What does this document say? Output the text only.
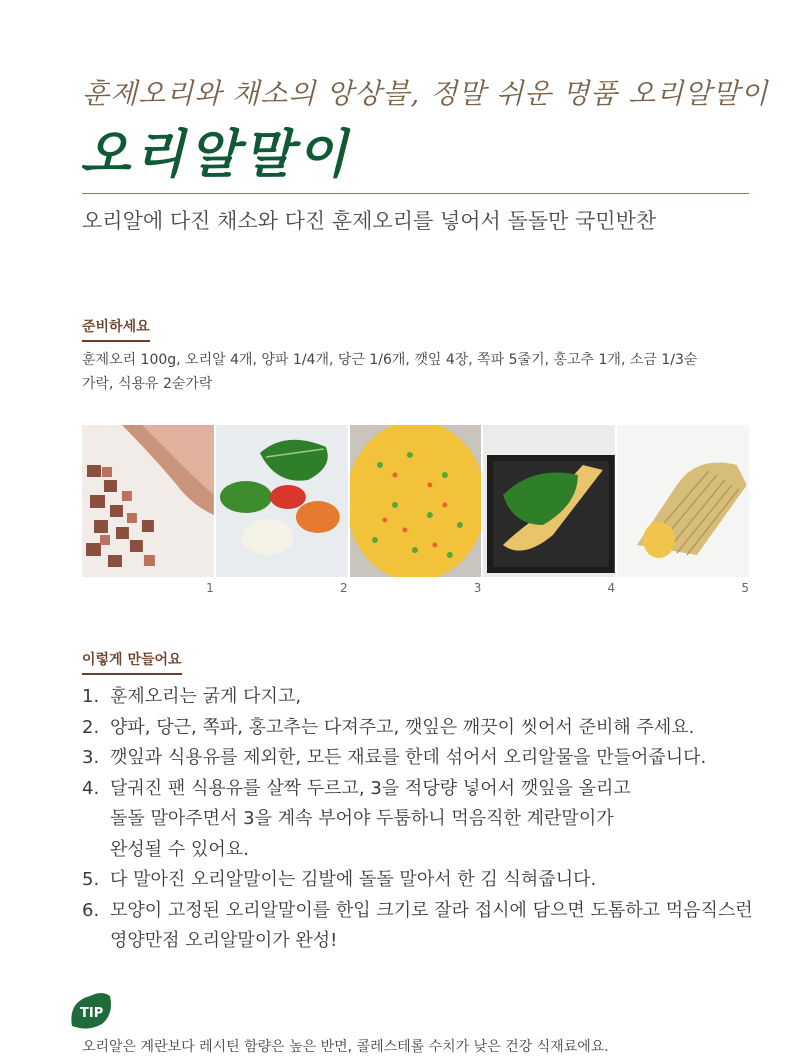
훈제오리와 채소의 앙상블, 정말 쉬운 명품 오리알말이
오리알말이
오리알에 다진 채소와 다진 훈제오리를 넣어서 돌돌만 국민반찬
준비하세요
훈제오리 100g, 오리알 4개, 양파 1/4개, 당근 1/6개, 깻잎 4장, 쪽파 5줄기, 홍고추 1개, 소금 1/3숟가락, 식용유 2숟가락
1	2	3	4	5
이렇게 만들어요
1. 훈제오리는 굵게 다지고,
2. 양파, 당근, 쪽파, 홍고추는 다져주고, 깻잎은 깨끗이 씻어서 준비해 주세요.
3. 깻잎과 식용유를 제외한, 모든 재료를 한데 섞어서 오리알물을 만들어줍니다.
4. 달궈진 팬 식용유를 살짝 두르고, 3을 적당량 넣어서 깻잎을 올리고
돌돌 말아주면서 3을 계속 부어야 두툼하니 먹음직한 계란말이가
완성될 수 있어요.
5. 다 말아진 오리알말이는 김발에 돌돌 말아서 한 김 식혀줍니다.
6. 모양이 고정된 오리알말이를 한입 크기로 잘라 접시에 담으면 도톰하고 먹음직스런
영양만점 오리알말이가 완성!
TIP
오리알은 계란보다 레시틴 함량은 높은 반면, 콜레스테롤 수치가 낮은 건강 식재료에요.
